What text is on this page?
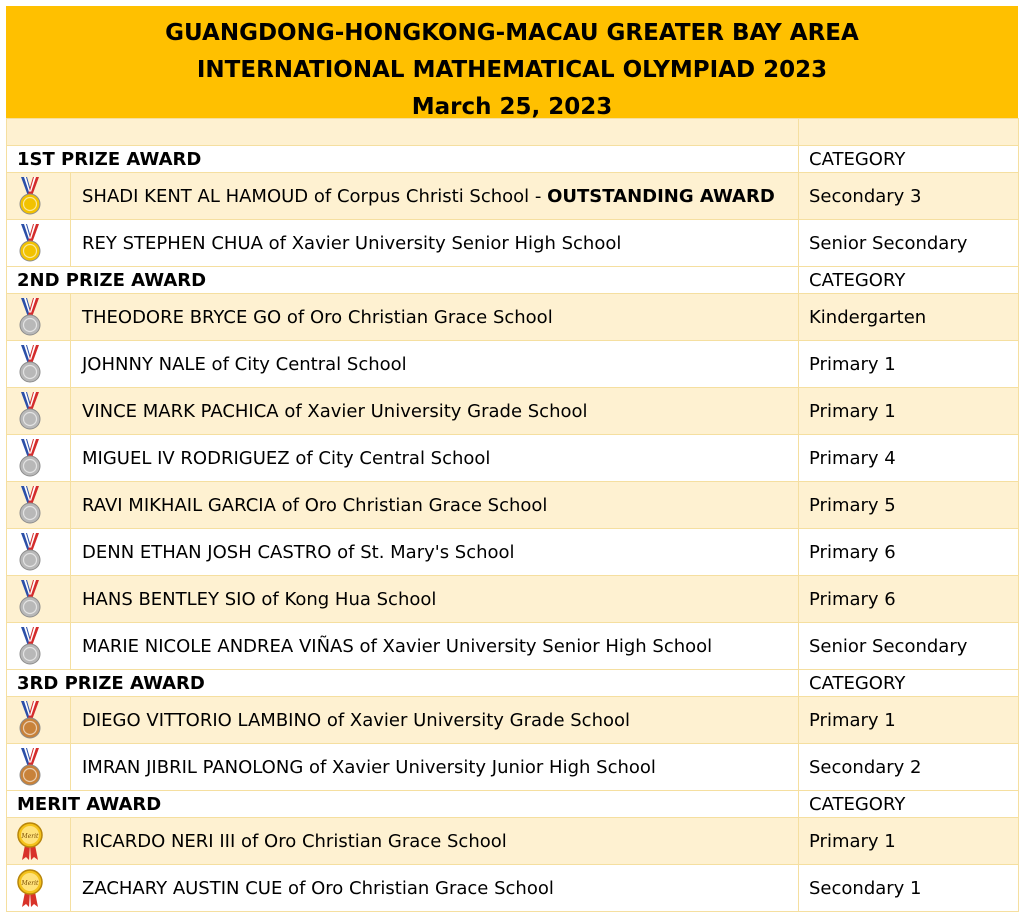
GUANGDONG-HONGKONG-MACAU GREATER BAY AREA
INTERNATIONAL MATHEMATICAL OLYMPIAD 2023
March 25, 2023

1ST PRIZE AWARD		CATEGORY

	SHADI KENT AL HAMOUD of Corpus Christi School - OUTSTANDING AWARD	Secondary 3

	REY STEPHEN CHUA of Xavier University Senior High School	Senior Secondary
2ND PRIZE AWARD		CATEGORY

	THEODORE BRYCE GO of Oro Christian Grace School	Kindergarten

	JOHNNY NALE of City Central School	Primary 1

	VINCE MARK PACHICA of Xavier University Grade School	Primary 1

	MIGUEL IV RODRIGUEZ of City Central School	Primary 4

	RAVI MIKHAIL GARCIA of Oro Christian Grace School	Primary 5

	DENN ETHAN JOSH CASTRO of St. Mary's School	Primary 6

	HANS BENTLEY SIO of Kong Hua School	Primary 6

	MARIE NICOLE ANDREA VIÑAS of Xavier University Senior High School	Senior Secondary
3RD PRIZE AWARD		CATEGORY

	DIEGO VITTORIO LAMBINO of Xavier University Grade School	Primary 1

	IMRAN JIBRIL PANOLONG of Xavier University Junior High School	Secondary 2
MERIT AWARD		CATEGORY

Merit	RICARDO NERI III of Oro Christian Grace School	Primary 1

Merit	ZACHARY AUSTIN CUE of Oro Christian Grace School	Secondary 1
